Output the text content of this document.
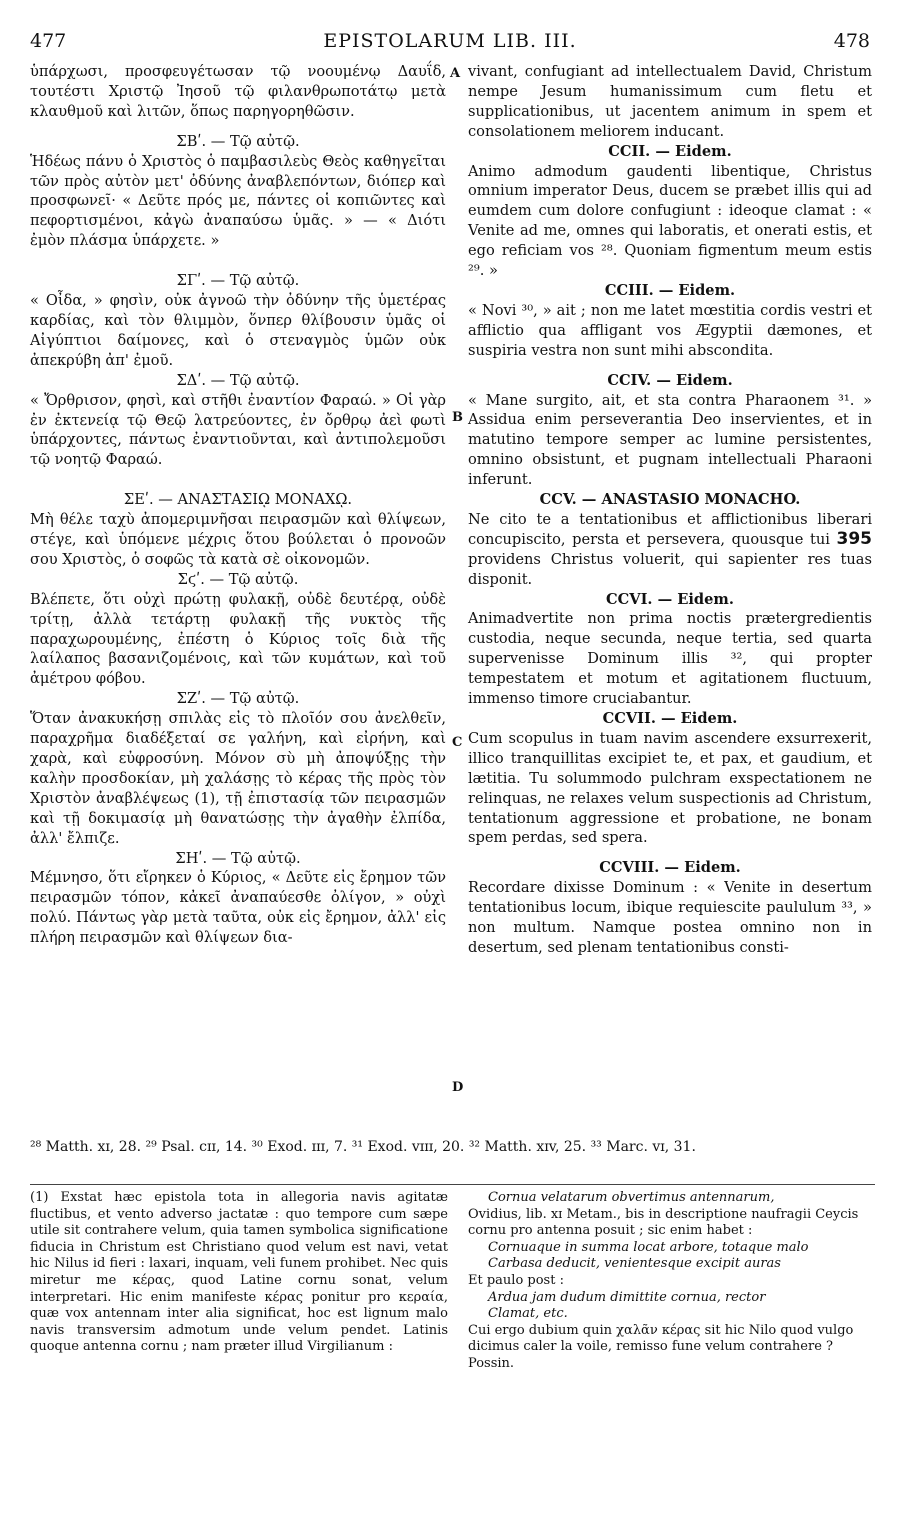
477	EPISTOLARUM LIB. III.	478

ὑπάρχωσι, προσφευγέτωσαν τῷ νοουμένῳ Δαυΐδ, τουτέστι Χριστῷ Ἰησοῦ τῷ φιλανθρωποτάτῳ μετὰ κλαυθμοῦ καὶ λιτῶν, ὅπως παρηγορηθῶσιν.

ΣΒʹ. — Τῷ αὐτῷ.

Ἡδέως πάνυ ὁ Χριστὸς ὁ παμβασιλεὺς Θεὸς καθηγεῖται τῶν πρὸς αὐτὸν μετ' ὀδύνης ἀναβλεπόντων, διόπερ καὶ προσφωνεῖ· « Δεῦτε πρός με, πάντες οἱ κοπιῶντες καὶ πεφορτισμένοι, κἀγὼ ἀναπαύσω ὑμᾶς. » — « Διότι ἐμὸν πλάσμα ὑπάρχετε. »

ΣΓʹ. — Τῷ αὐτῷ.

« Οἶδα, » φησὶν, οὐκ ἀγνοῶ τὴν ὀδύνην τῆς ὑμετέρας καρδίας, καὶ τὸν θλιμμὸν, ὅνπερ θλίβουσιν ὑμᾶς οἱ Αἰγύπτιοι δαίμονες, καὶ ὁ στεναγμὸς ὑμῶν οὐκ ἀπεκρύβη ἀπ' ἐμοῦ.

ΣΔʹ. — Τῷ αὐτῷ.

« Ὄρθρισον, φησὶ, καὶ στῆθι ἐναντίον Φαραώ. » Οἱ γὰρ ἐν ἐκτενείᾳ τῷ Θεῷ λατρεύοντες, ἐν ὄρθρῳ ἀεὶ φωτὶ ὑπάρχοντες, πάντως ἐναντιοῦνται, καὶ ἀντιπολεμοῦσι τῷ νοητῷ Φαραώ.

ΣΕʹ. — ΑΝΑΣΤΑΣΙῼ ΜΟΝΑΧῼ.

Μὴ θέλε ταχὺ ἀπομεριμνῆσαι πειρασμῶν καὶ θλίψεων, στέγε, καὶ ὑπόμενε μέχρις ὅτου βούλεται ὁ προνοῶν σου Χριστὸς, ὁ σοφῶς τὰ κατὰ σὲ οἰκονομῶν.

Σϛʹ. — Τῷ αὐτῷ.

Βλέπετε, ὅτι οὐχὶ πρώτῃ φυλακῇ, οὐδὲ δευτέρᾳ, οὐδὲ τρίτῃ, ἀλλὰ τετάρτῃ φυλακῇ τῆς νυκτὸς τῆς παραχωρουμένης, ἐπέστη ὁ Κύριος τοῖς διὰ τῆς λαίλαπος βασανιζομένοις, καὶ τῶν κυμάτων, καὶ τοῦ ἀμέτρου φόβου.

ΣΖʹ. — Τῷ αὐτῷ.

Ὅταν ἀνακυκήσῃ σπιλὰς εἰς τὸ πλοῖόν σου ἀνελθεῖν, παραχρῆμα διαδέξεταί σε γαλήνη, καὶ εἰρήνη, καὶ χαρὰ, καὶ εὐφροσύνη. Μόνον σὺ μὴ ἀποψύξῃς τὴν καλὴν προσδοκίαν, μὴ χαλάσῃς τὸ κέρας τῆς πρὸς τὸν Χριστὸν ἀναβλέψεως (1), τῇ ἐπιστασίᾳ τῶν πειρασμῶν καὶ τῇ δοκιμασίᾳ μὴ θανατώσῃς τὴν ἀγαθὴν ἐλπίδα, ἀλλ' ἔλπιζε.

ΣΗʹ. — Τῷ αὐτῷ.

Μέμνησο, ὅτι εἴρηκεν ὁ Κύριος, « Δεῦτε εἰς ἔρημον τῶν πειρασμῶν τόπον, κἀκεῖ ἀναπαύεσθε ὀλίγον, » οὐχὶ πολύ. Πάντως γὰρ μετὰ ταῦτα, οὐκ εἰς ἔρημον, ἀλλ' εἰς πλήρη πειρασμῶν καὶ θλίψεων δια-

vivant, confugiant ad intellectualem David, Christum nempe Jesum humanissimum cum fletu et supplicationibus, ut jacentem animum in spem et consolationem meliorem inducant.

CCII. — Eidem.

Animo admodum gaudenti libentique, Christus omnium imperator Deus, ducem se præbet illis qui ad eumdem cum dolore confugiunt : ideoque clamat : « Venite ad me, omnes qui laboratis, et onerati estis, et ego reficiam vos ²⁸. Quoniam figmentum meum estis ²⁹. »

CCIII. — Eidem.

« Novi ³⁰, » ait ; non me latet mœstitia cordis vestri et afflictio qua affligant vos Ægyptii dæmones, et suspiria vestra non sunt mihi abscondita.

CCIV. — Eidem.

« Mane surgito, ait, et sta contra Pharaonem ³¹. » Assidua enim perseverantia Deo inservientes, et in matutino tempore semper ac lumine persistentes, omnino obsistunt, et pugnam intellectuali Pharaoni inferunt.

CCV. — ANASTASIO MONACHO.

Ne cito te a tentationibus et afflictionibus liberari concupiscito, persta et persevera, quousque tui 395 providens Christus voluerit, qui sapienter res tuas disponit.

CCVI. — Eidem.

Animadvertite non prima noctis prætergredientis custodia, neque secunda, neque tertia, sed quarta supervenisse Dominum illis ³², qui propter tempestatem et motum et agitationem fluctuum, immenso timore cruciabantur.

CCVII. — Eidem.

Cum scopulus in tuam navim ascendere exsurrexerit, illico tranquillitas excipiet te, et pax, et gaudium, et lætitia. Tu solummodo pulchram exspectationem ne relinquas, ne relaxes velum suspectionis ad Christum, tentationum aggressione et probatione, ne bonam spem perdas, sed spera.

CCVIII. — Eidem.

Recordare dixisse Dominum : « Venite in desertum tentationibus locum, ibique requiescite paululum ³³, » non multum. Namque postea omnino non in desertum, sed plenam tentationibus consti-

A
B
C
D
²⁸ Matth. xɪ, 28. ²⁹ Psal. cɪɪ, 14. ³⁰ Exod. ɪɪɪ, 7. ³¹ Exod. vɪɪɪ, 20. ³² Matth. xɪv, 25. ³³ Marc. vɪ, 31.
(1) Exstat hæc epistola tota in allegoria navis agitatæ fluctibus, et vento adverso jactatæ : quo tempore cum sæpe utile sit contrahere velum, quia tamen symbolica significatione fiducia in Christum est Christiano quod velum est navi, vetat hic Nilus id fieri : laxari, inquam, veli funem prohibet. Nec quis miretur me κέρας, quod Latine cornu sonat, velum interpretari. Hic enim manifeste κέρας ponitur pro κεραία, quæ vox antennam inter alia significat, hoc est lignum malo navis transversim admotum unde velum pendet. Latinis quoque antenna cornu ; nam præter illud Virgilianum :

Cornua velatarum obvertimus antennarum,

Ovidius, lib. xɪ Metam., bis in descriptione naufragii Ceycis cornu pro antenna posuit ; sic enim habet :

Cornuaque in summa locat arbore, totaque malo

Carbasa deducit, venientesque excipit auras

Et paulo post :

Ardua jam dudum dimittite cornua, rector

Clamat, etc.

Cui ergo dubium quin χαλᾶν κέρας sit hic Nilo quod vulgo dicimus caler la voile, remisso fune velum contrahere ? Possin.
